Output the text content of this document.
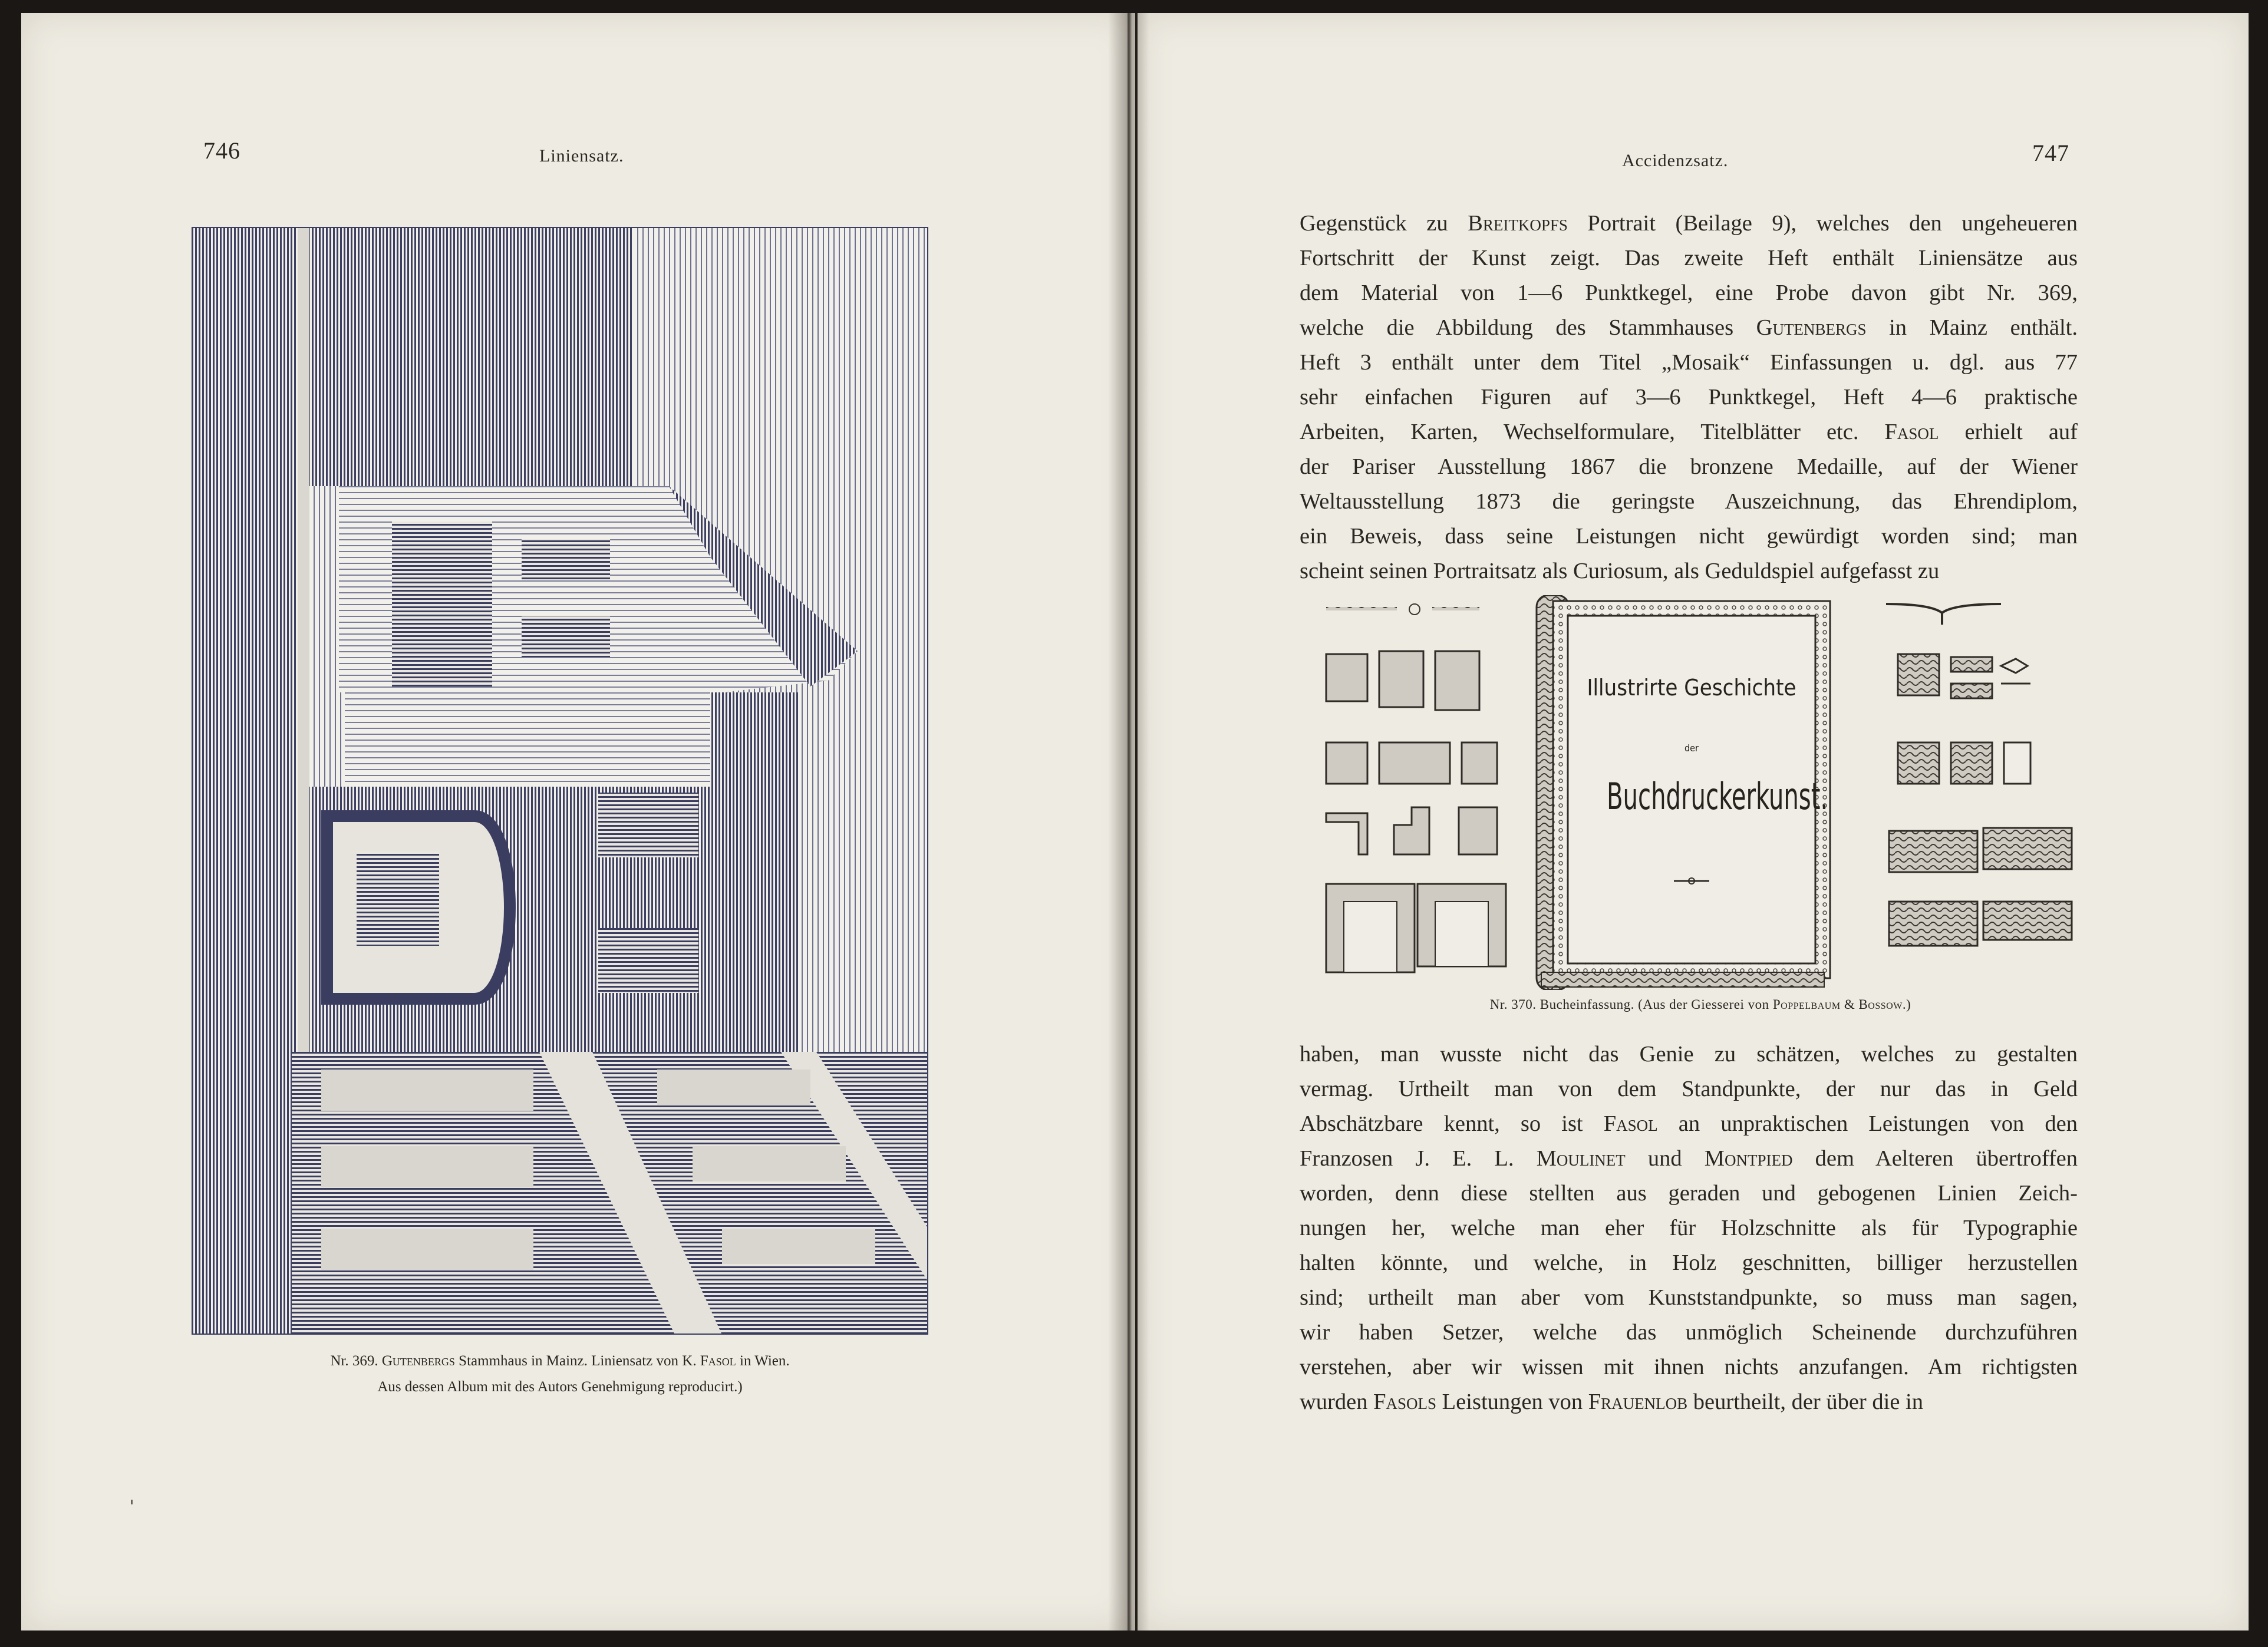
746	Liniensatz.
Nr. 369. Gutenbergs Stammhaus in Mainz. Liniensatz von K. Fasol in Wien.
Aus dessen Album mit des Autors Genehmigung reproducirt.)
Accidenzsatz.	747
Gegenstück zu Breitkopfs Portrait (Beilage 9), welches den ungeheueren
Fortschritt der Kunst zeigt. Das zweite Heft enthält Liniensätze aus
dem Material von 1—6 Punktkegel, eine Probe davon gibt Nr. 369,
welche die Abbildung des Stammhauses Gutenbergs in Mainz enthält.
Heft 3 enthält unter dem Titel „Mosaik“ Einfassungen u. dgl. aus 77
sehr einfachen Figuren auf 3—6 Punktkegel, Heft 4—6 praktische
Arbeiten, Karten, Wechselformulare, Titelblätter etc. Fasol erhielt auf
der Pariser Ausstellung 1867 die bronzene Medaille, auf der Wiener
Weltausstellung 1873 die geringste Auszeichnung, das Ehrendiplom,
ein Beweis, dass seine Leistungen nicht gewürdigt worden sind; man
scheint seinen Portraitsatz als Curiosum, als Geduldspiel aufgefasst zu
Illustrirte Geschichte
der
Buchdruckerkunst.
Nr. 370. Bucheinfassung. (Aus der Giesserei von Poppelbaum & Bossow.)
haben, man wusste nicht das Genie zu schätzen, welches zu gestalten
vermag. Urtheilt man von dem Standpunkte, der nur das in Geld
Abschätzbare kennt, so ist Fasol an unpraktischen Leistungen von den
Franzosen J. E. L. Moulinet und Montpied dem Aelteren übertroffen
worden, denn diese stellten aus geraden und gebogenen Linien Zeich-
nungen her, welche man eher für Holzschnitte als für Typographie
halten könnte, und welche, in Holz geschnitten, billiger herzustellen
sind; urtheilt man aber vom Kunststandpunkte, so muss man sagen,
wir haben Setzer, welche das unmöglich Scheinende durchzuführen
verstehen, aber wir wissen mit ihnen nichts anzufangen. Am richtigsten
wurden Fasols Leistungen von Frauenlob beurtheilt, der über die in
